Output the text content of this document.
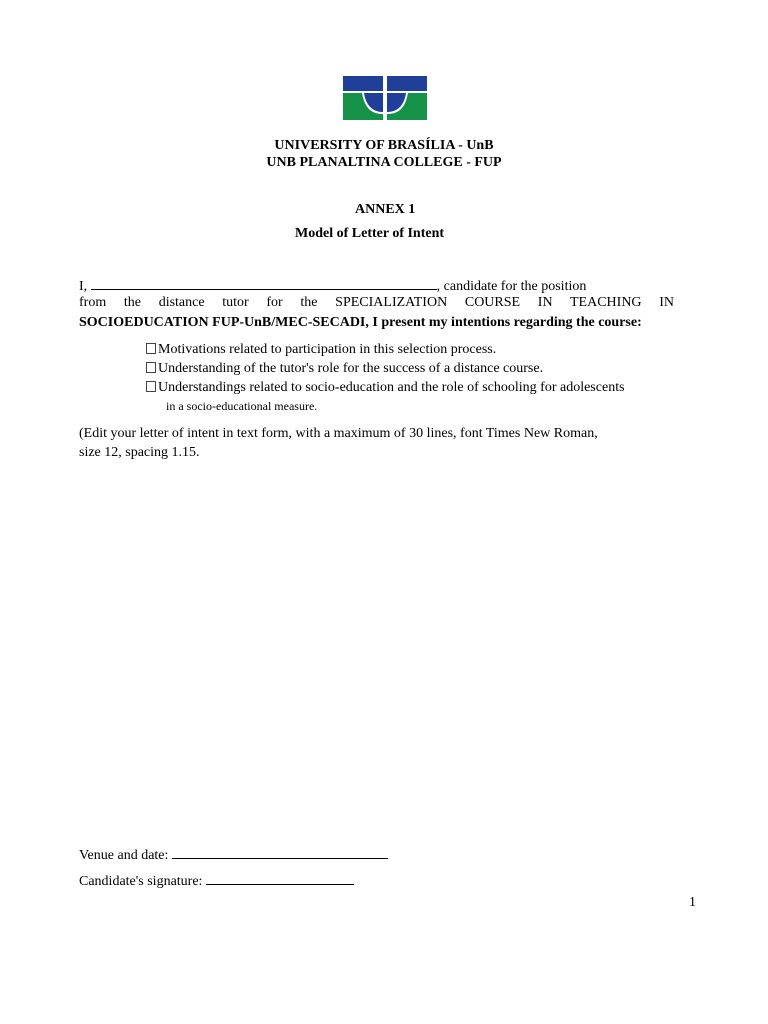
UNIVERSITY OF BRASÍLIA - UnB
UNB PLANALTINA COLLEGE - FUP
ANNEX 1
Model of Letter of Intent
I,	, candidate for the position
from the distance tutor for the SPECIALIZATION COURSE IN TEACHING IN
SOCIOEDUCATION FUP-UnB/MEC-SECADI, I present my intentions regarding the course:
Motivations related to participation in this selection process.
Understanding of the tutor's role for the success of a distance course.
Understandings related to socio-education and the role of schooling for adolescents
in a socio-educational measure.
(Edit your letter of intent in text form, with a maximum of 30 lines, font Times New Roman,
size 12, spacing 1.15.
Venue and date:
Candidate's signature:
1
